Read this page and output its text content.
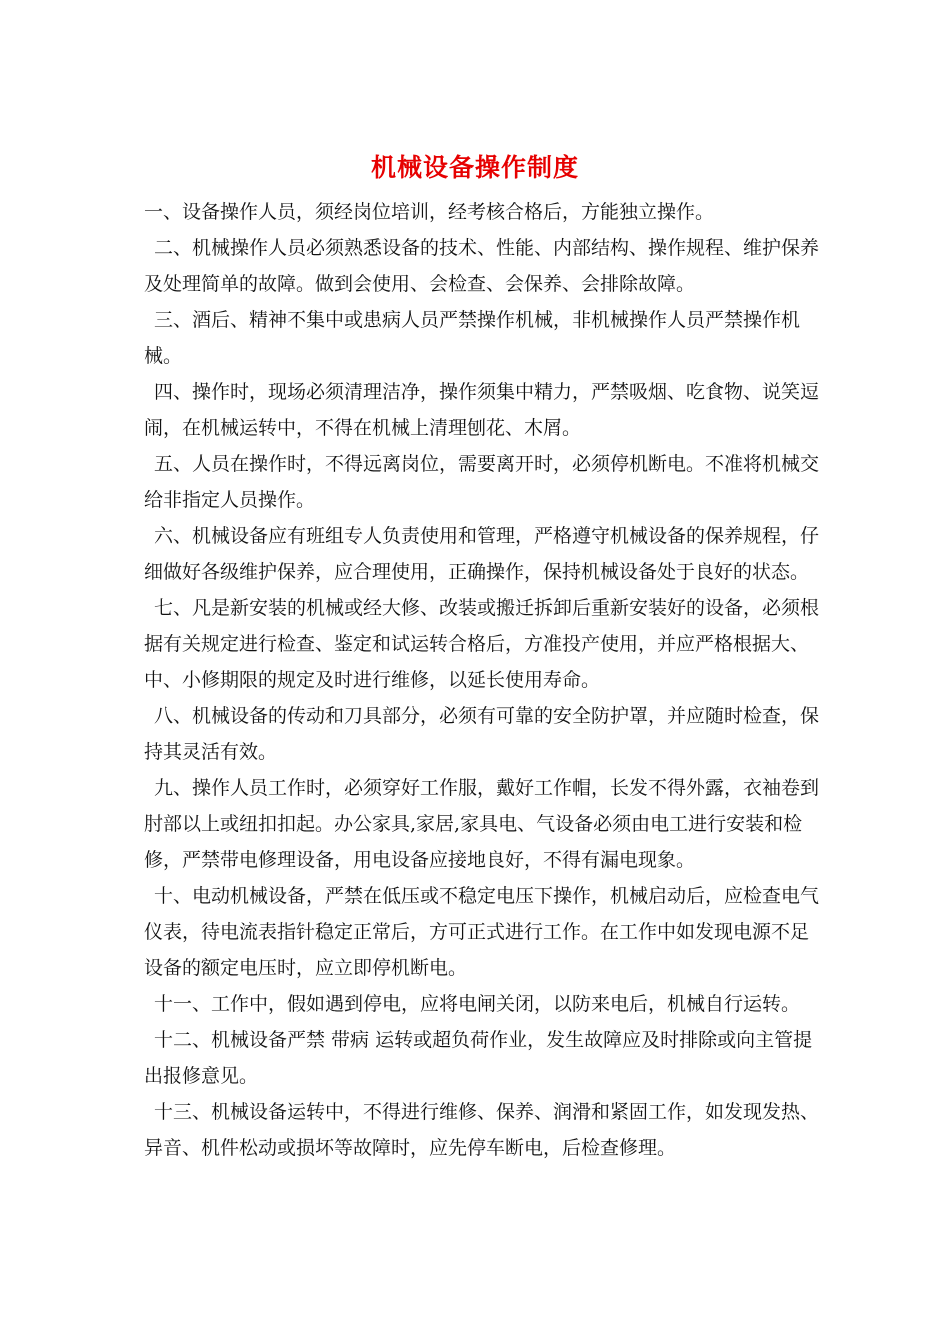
机械设备操作制度

一、设备操作人员，须经岗位培训，经考核合格后，方能独立操作。

二、机械操作人员必须熟悉设备的技术、性能、内部结构、操作规程、维护保养及处理简单的故障。做到会使用、会检查、会保养、会排除故障。

三、酒后、精神不集中或患病人员严禁操作机械，非机械操作人员严禁操作机械。

四、操作时，现场必须清理洁净，操作须集中精力，严禁吸烟、吃食物、说笑逗闹，在机械运转中，不得在机械上清理刨花、木屑。

五、人员在操作时，不得远离岗位，需要离开时，必须停机断电。不准将机械交给非指定人员操作。

六、机械设备应有班组专人负责使用和管理，严格遵守机械设备的保养规程，仔细做好各级维护保养，应合理使用，正确操作，保持机械设备处于良好的状态。

七、凡是新安装的机械或经大修、改装或搬迁拆卸后重新安装好的设备，必须根据有关规定进行检查、鉴定和试运转合格后，方准投产使用，并应严格根据大、中、小修期限的规定及时进行维修，以延长使用寿命。

八、机械设备的传动和刀具部分，必须有可靠的安全防护罩，并应随时检查，保持其灵活有效。

九、操作人员工作时，必须穿好工作服，戴好工作帽，长发不得外露，衣袖卷到肘部以上或纽扣扣起。办公家具,家居,家具电、气设备必须由电工进行安装和检修，严禁带电修理设备，用电设备应接地良好，不得有漏电现象。

十、电动机械设备，严禁在低压或不稳定电压下操作，机械启动后，应检查电气仪表，待电流表指针稳定正常后，方可正式进行工作。在工作中如发现电源不足设备的额定电压时，应立即停机断电。

十一、工作中，假如遇到停电，应将电闸关闭，以防来电后，机械自行运转。

十二、机械设备严禁 带病 运转或超负荷作业，发生故障应及时排除或向主管提出报修意见。

十三、机械设备运转中，不得进行维修、保养、润滑和紧固工作，如发现发热、异音、机件松动或损坏等故障时，应先停车断电，后检查修理。
